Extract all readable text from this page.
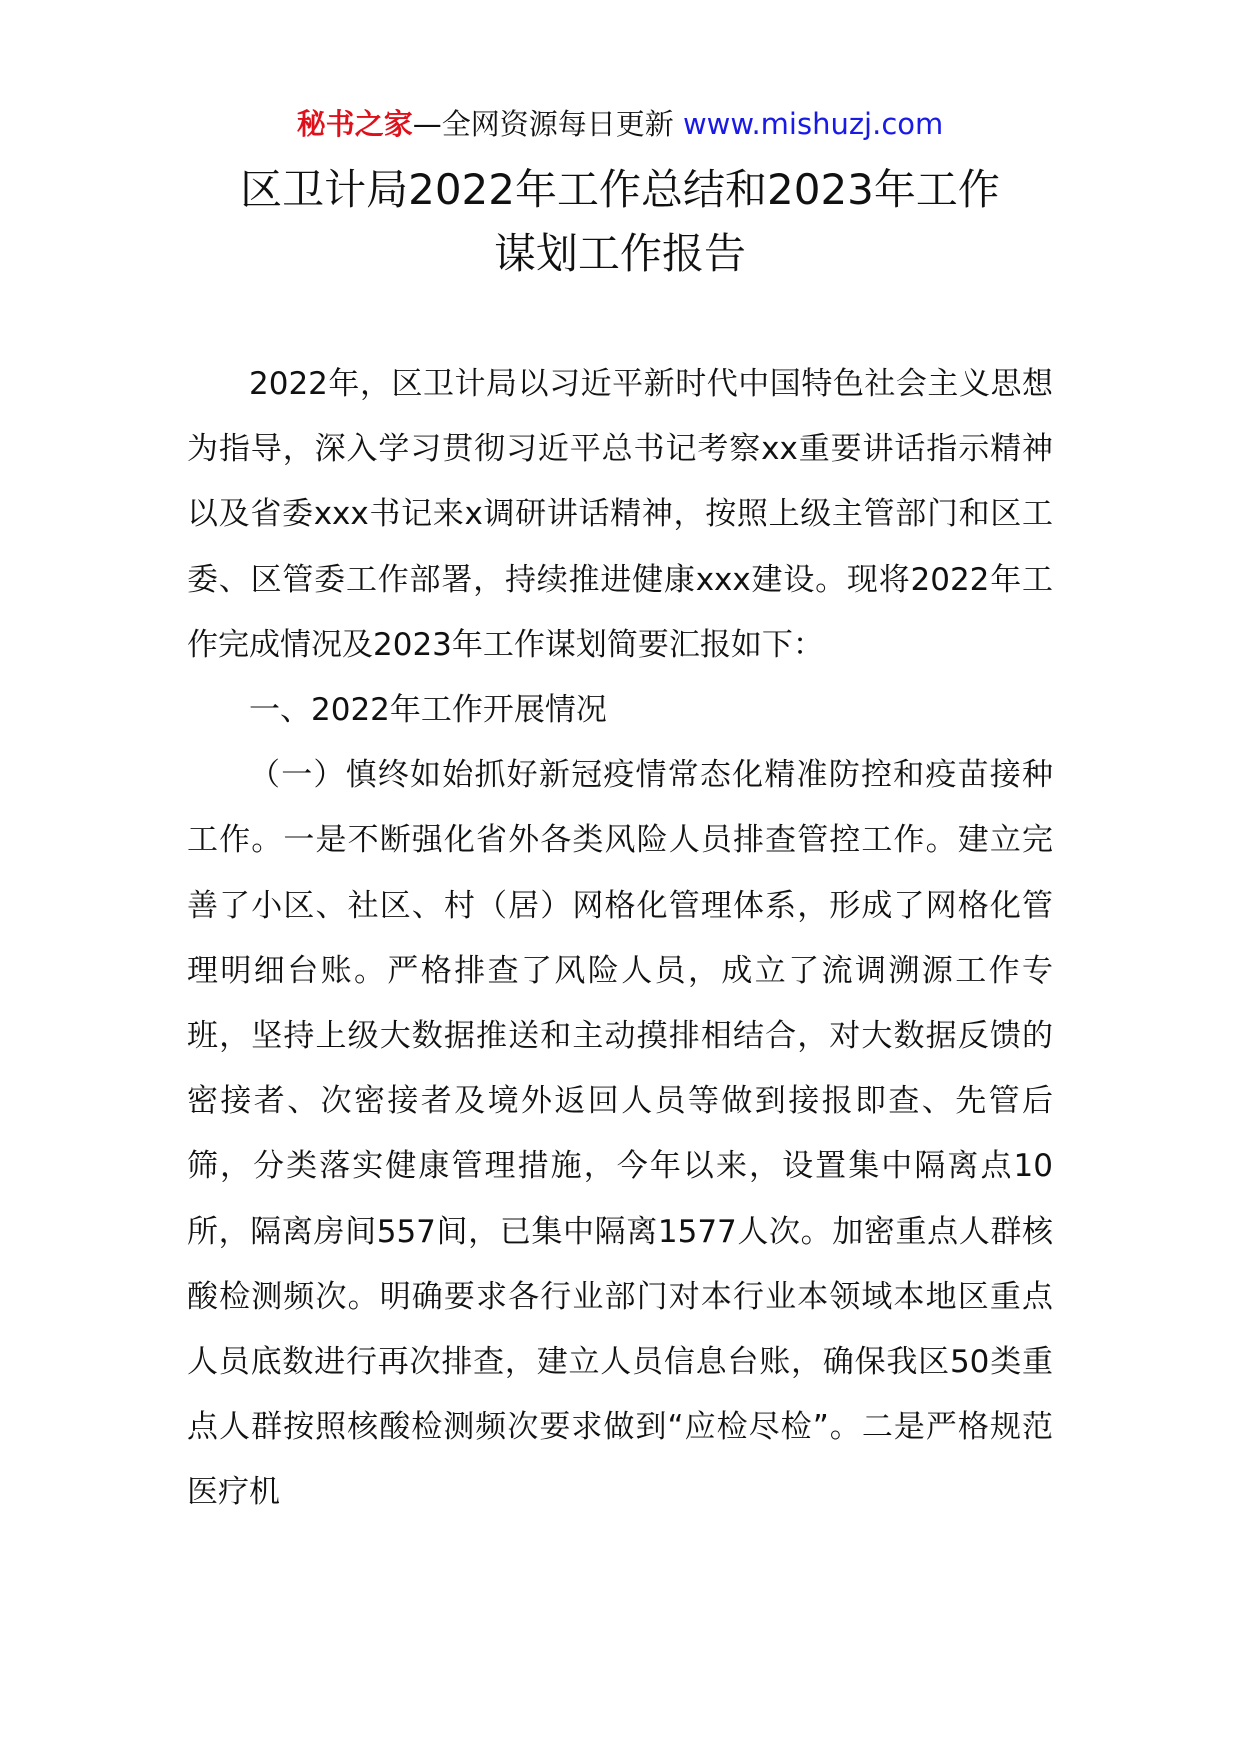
秘书之家—全网资源每日更新 www.mishuzj.com
区卫计局2022年工作总结和2023年工作
谋划工作报告

2022年，区卫计局以习近平新时代中国特色社会主义思想为指导，深入学习贯彻习近平总书记考察xx重要讲话指示精神以及省委xxx书记来x调研讲话精神，按照上级主管部门和区工委、区管委工作部署，持续推进健康xxx建设。现将2022年工作完成情况及2023年工作谋划简要汇报如下：

一、2022年工作开展情况

（一）慎终如始抓好新冠疫情常态化精准防控和疫苗接种工作。一是不断强化省外各类风险人员排查管控工作。建立完善了小区、社区、村（居）网格化管理体系，形成了网格化管理明细台账。严格排查了风险人员，成立了流调溯源工作专班，坚持上级大数据推送和主动摸排相结合，对大数据反馈的密接者、次密接者及境外返回人员等做到接报即查、先管后筛，分类落实健康管理措施，今年以来，设置集中隔离点10所，隔离房间557间，已集中隔离1577人次。加密重点人群核酸检测频次。明确要求各行业部门对本行业本领域本地区重点人员底数进行再次排查，建立人员信息台账，确保我区50类重点人群按照核酸检测频次要求做到“应检尽检”。二是严格规范医疗机
